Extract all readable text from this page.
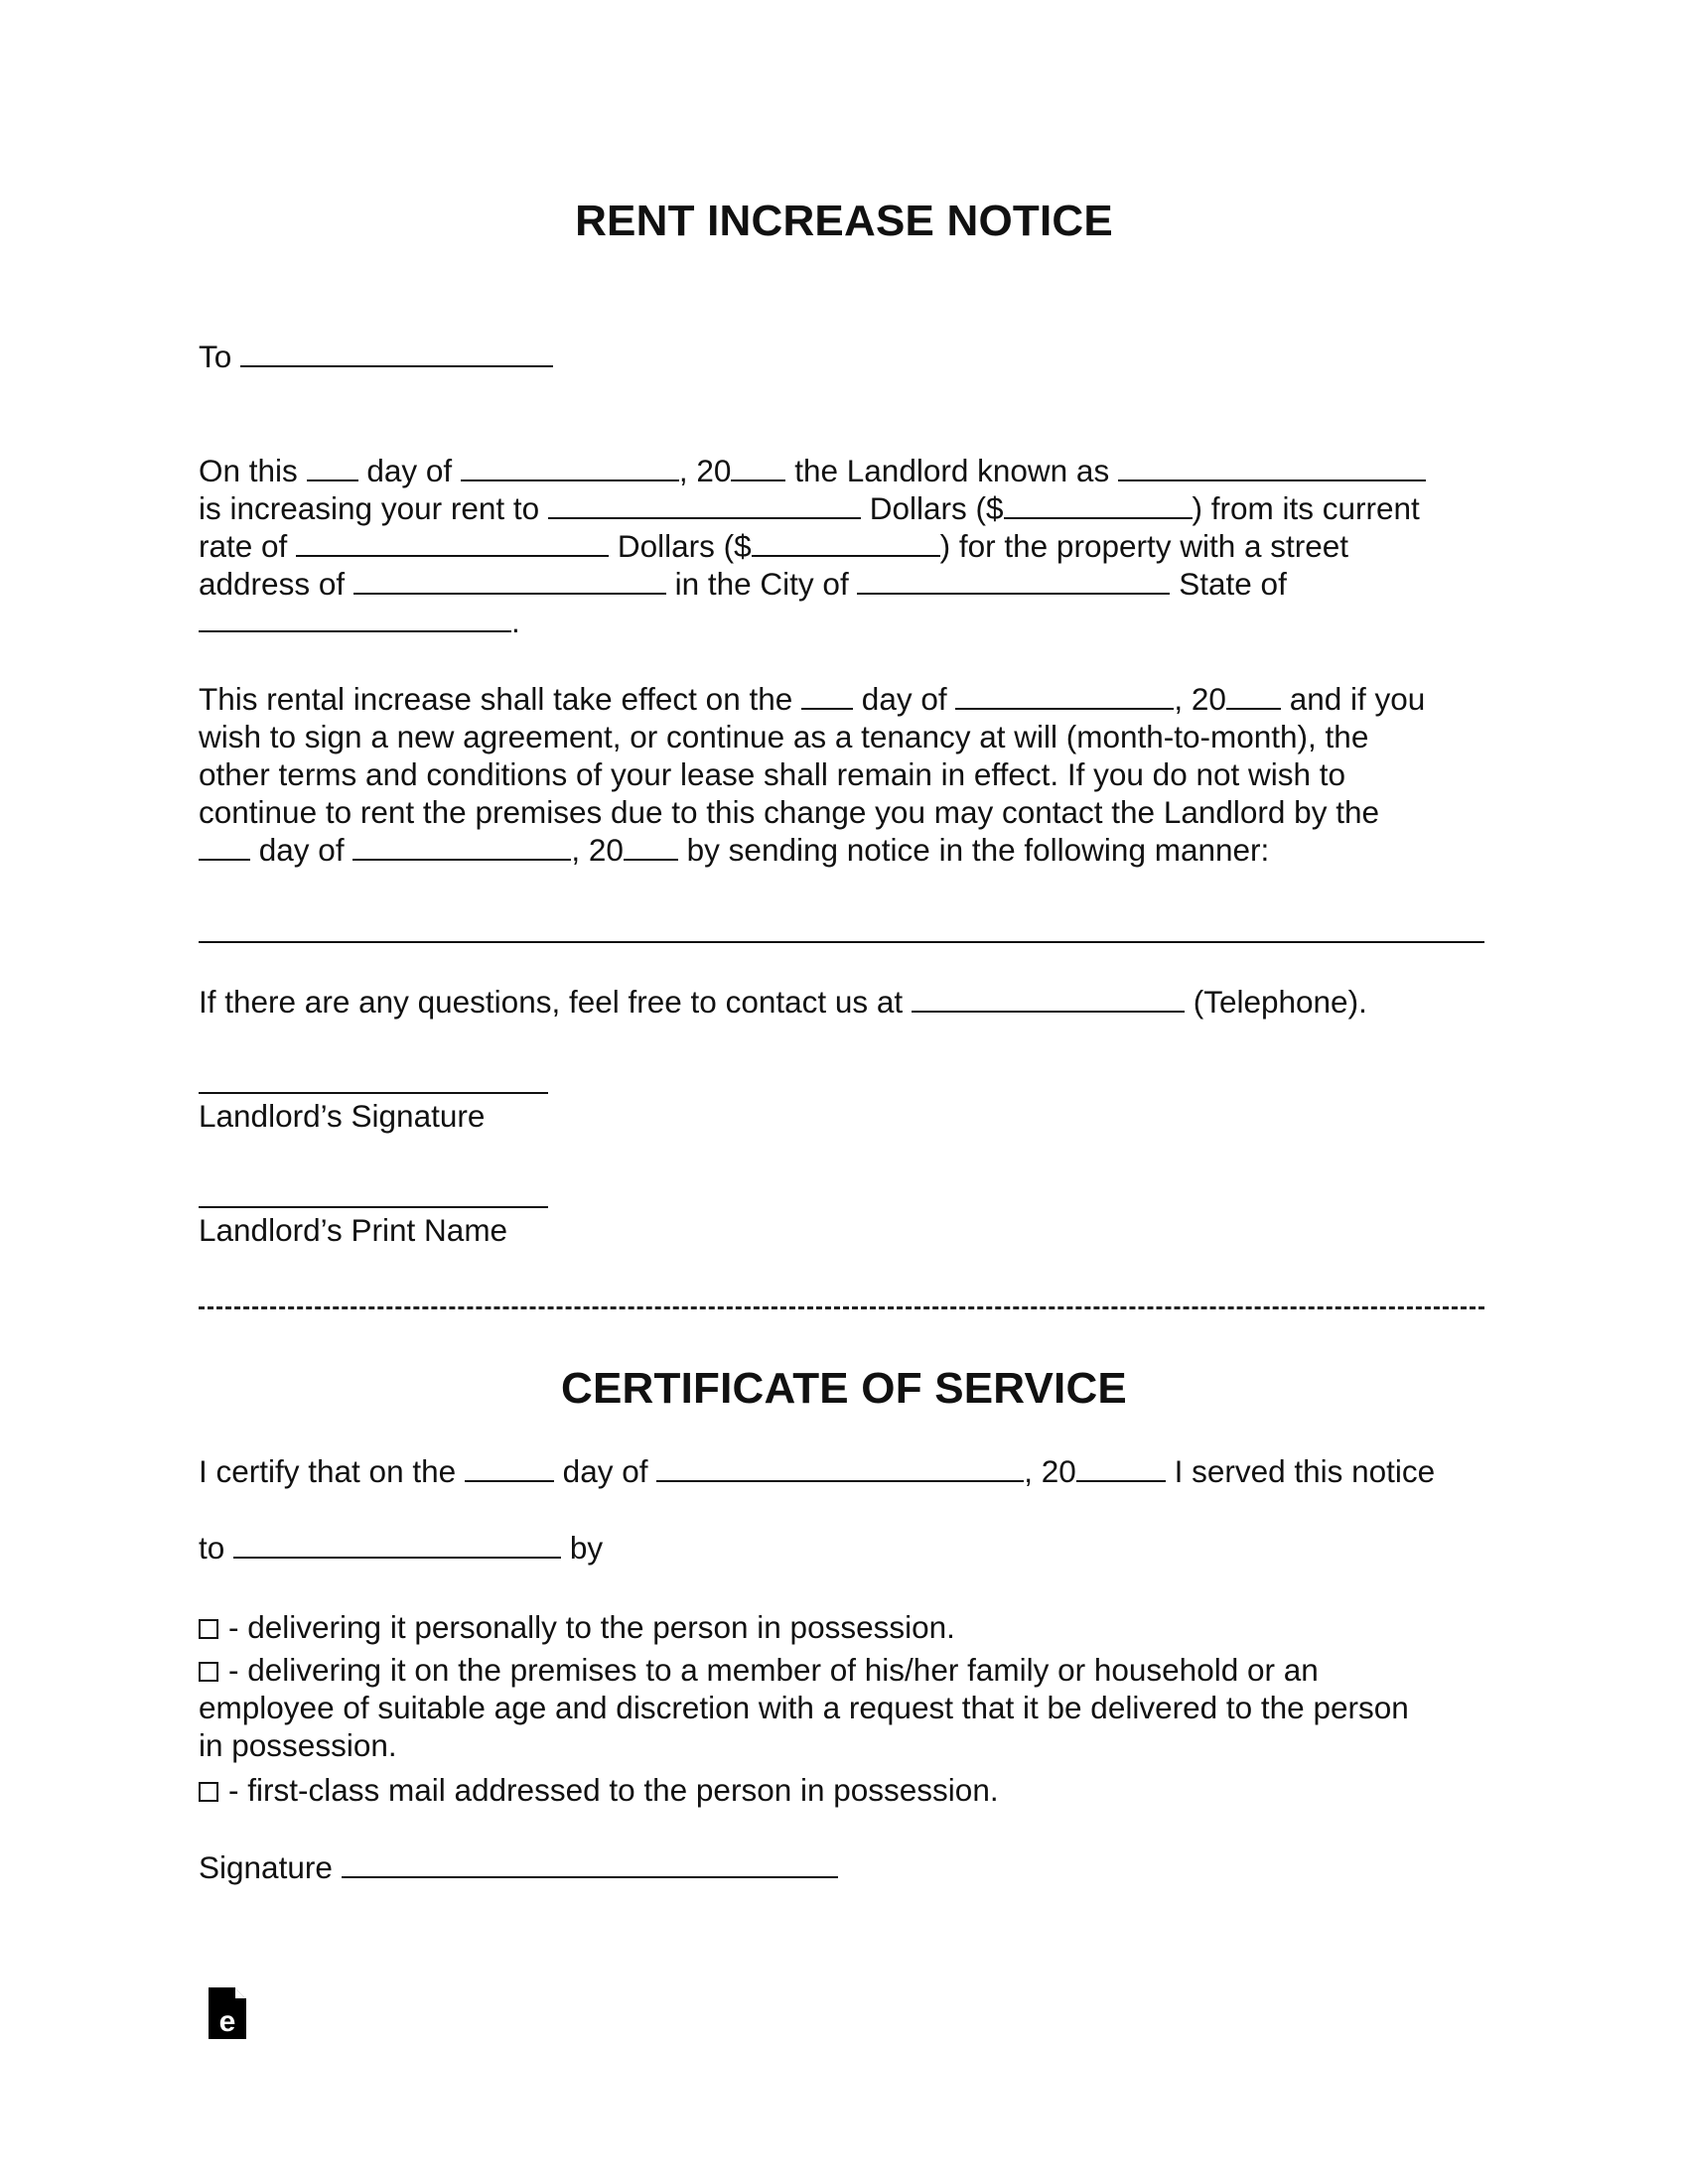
RENT INCREASE NOTICE
To
On this day of	, 20 the Landlord known as
is increasing your rent to	Dollars ($	) from its current
rate of	Dollars ($	) for the property with a street
address of	in the City of	State of
.
This rental increase shall take effect on the day of	, 20 and if you
wish to sign a new agreement, or continue as a tenancy at will (month-to-month), the
other terms and conditions of your lease shall remain in effect. If you do not wish to
continue to rent the premises due to this change you may contact the Landlord by the
day of	, 20 by sending notice in the following manner:
If there are any questions, feel free to contact us at	(Telephone).
Landlord’s Signature
Landlord’s Print Name
CERTIFICATE OF SERVICE
I certify that on the	day of	, 20	I served this notice
to	by
- delivering it personally to the person in possession.
- delivering it on the premises to a member of his/her family or household or an
employee of suitable age and discretion with a request that it be delivered to the person
in possession.
- first-class mail addressed to the person in possession.
Signature
e
